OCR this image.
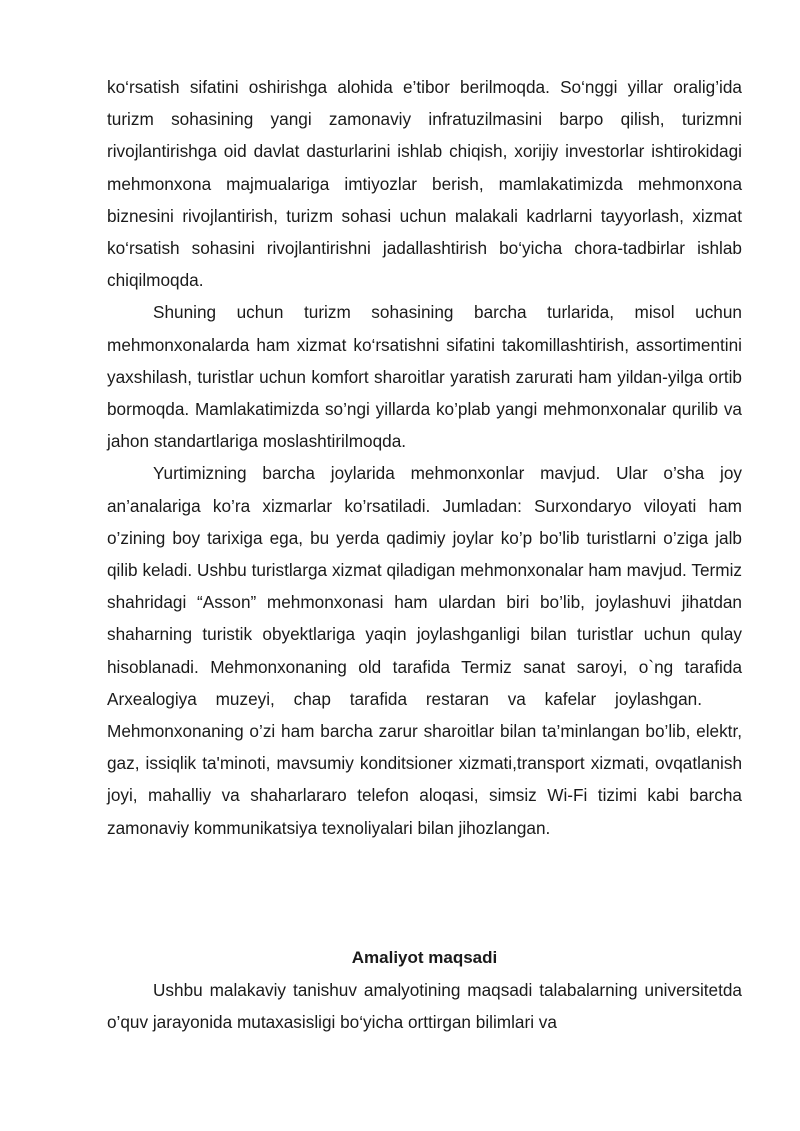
ko‘rsatish sifatini oshirishga alohida e’tibor berilmoqda. So‘nggi yillar oralig’ida turizm sohasining yangi zamonaviy infratuzilmasini barpo qilish, turizmni rivojlantirishga oid davlat dasturlarini ishlab chiqish, xorijiy investorlar ishtirokidagi mehmonxona majmualariga imtiyozlar berish, mamlakatimizda mehmonxona biznesini rivojlantirish, turizm sohasi uchun malakali kadrlarni tayyorlash, xizmat ko‘rsatish sohasini rivojlantirishni jadallashtirish bo‘yicha chora-tadbirlar ishlab chiqilmoqda.

Shuning uchun turizm sohasining barcha turlarida, misol uchun mehmonxonalarda ham xizmat ko‘rsatishni sifatini takomillashtirish, assortimentini yaxshilash, turistlar uchun komfort sharoitlar yaratish zarurati ham yildan-yilga ortib bormoqda. Mamlakatimizda so’ngi yillarda ko’plab yangi mehmonxonalar qurilib va jahon standartlariga moslashtirilmoqda.

Yurtimizning barcha joylarida mehmonxonlar mavjud. Ular o’sha joy an’analariga ko’ra xizmarlar ko’rsatiladi. Jumladan: Surxondaryo viloyati ham o’zining boy tarixiga ega, bu yerda qadimiy joylar ko’p bo’lib turistlarni o’ziga jalb qilib keladi. Ushbu turistlarga xizmat qiladigan mehmonxonalar ham mavjud. Termiz shahridagi “Asson” mehmonxonasi ham ulardan biri bo’lib, joylashuvi jihatdan shaharning turistik obyektlariga yaqin joylashganligi bilan turistlar uchun qulay hisoblanadi. Mehmonxonaning old tarafida Termiz sanat saroyi, o`ng tarafida Arxealogiya muzeyi, chap tarafida restaran va kafelar joylashgan.Mehmonxonaning o’zi ham barcha zarur sharoitlar bilan ta’minlangan bo’lib, elektr, gaz, issiqlik ta'minoti, mavsumiy konditsioner xizmati,transport xizmati, ovqatlanish joyi, mahalliy va shaharlararo telefon aloqasi, simsiz Wi-Fi tizimi kabi barcha zamonaviy kommunikatsiya texnoliyalari bilan jihozlangan.

Amaliyot maqsadi

Ushbu malakaviy tanishuv amalyotining maqsadi talabalarning universitetda o’quv jarayonida mutaxasisligi bo‘yicha orttirgan bilimlari va
